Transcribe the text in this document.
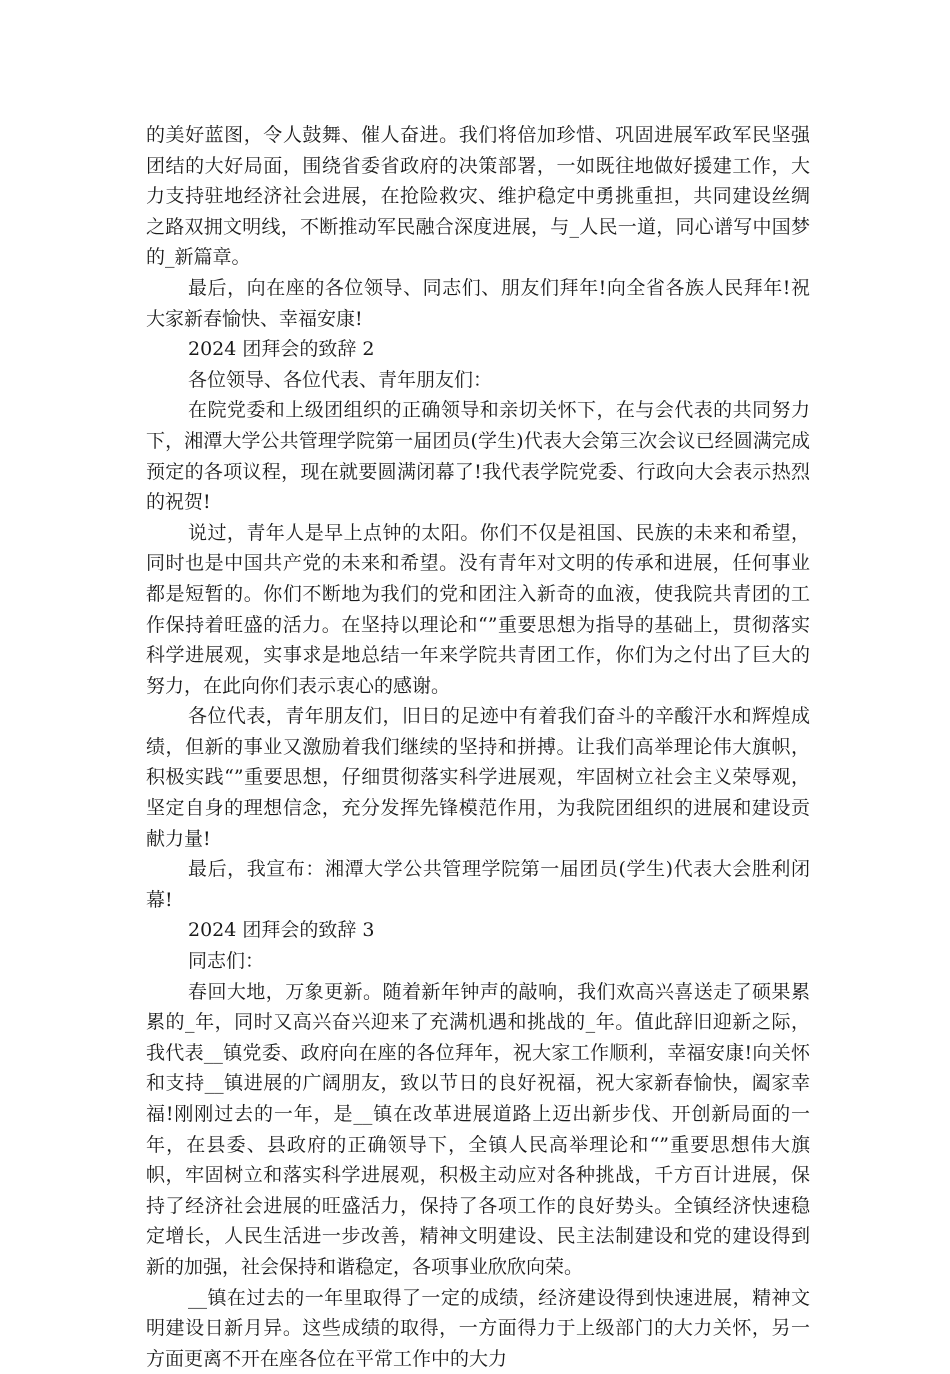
的美好蓝图，令人鼓舞、催人奋进。我们将倍加珍惜、巩固进展军政军民坚强团结的大好局面，围绕省委省政府的决策部署，一如既往地做好援建工作，大力支持驻地经济社会进展，在抢险救灾、维护稳定中勇挑重担，共同建设丝绸之路双拥文明线，不断推动军民融合深度进展，与_人民一道，同心谱写中国梦的_新篇章。

最后，向在座的各位领导、同志们、朋友们拜年!向全省各族人民拜年!祝大家新春愉快、幸福安康!

2024 团拜会的致辞 2

各位领导、各位代表、青年朋友们：

在院党委和上级团组织的正确领导和亲切关怀下，在与会代表的共同努力下，湘潭大学公共管理学院第一届团员(学生)代表大会第三次会议已经圆满完成预定的各项议程，现在就要圆满闭幕了!我代表学院党委、行政向大会表示热烈的祝贺!

说过，青年人是早上点钟的太阳。你们不仅是祖国、民族的未来和希望，同时也是中国共产党的未来和希望。没有青年对文明的传承和进展，任何事业都是短暂的。你们不断地为我们的党和团注入新奇的血液，使我院共青团的工作保持着旺盛的活力。在坚持以理论和“”重要思想为指导的基础上，贯彻落实科学进展观，实事求是地总结一年来学院共青团工作，你们为之付出了巨大的努力，在此向你们表示衷心的感谢。

各位代表，青年朋友们，旧日的足迹中有着我们奋斗的辛酸汗水和辉煌成绩，但新的事业又激励着我们继续的坚持和拼搏。让我们高举理论伟大旗帜，积极实践“”重要思想，仔细贯彻落实科学进展观，牢固树立社会主义荣辱观，坚定自身的理想信念，充分发挥先锋模范作用，为我院团组织的进展和建设贡献力量!

最后，我宣布：湘潭大学公共管理学院第一届团员(学生)代表大会胜利闭幕!

2024 团拜会的致辞 3

同志们：

春回大地，万象更新。随着新年钟声的敲响，我们欢高兴喜送走了硕果累累的_年，同时又高兴奋兴迎来了充满机遇和挑战的_年。值此辞旧迎新之际，我代表__镇党委、政府向在座的各位拜年，祝大家工作顺利，幸福安康!向关怀和支持__镇进展的广阔朋友，致以节日的良好祝福，祝大家新春愉快，阖家幸福!刚刚过去的一年，是__镇在改革进展道路上迈出新步伐、开创新局面的一年，在县委、县政府的正确领导下，全镇人民高举理论和“”重要思想伟大旗帜，牢固树立和落实科学进展观，积极主动应对各种挑战，千方百计进展，保持了经济社会进展的旺盛活力，保持了各项工作的良好势头。全镇经济快速稳定增长，人民生活进一步改善，精神文明建设、民主法制建设和党的建设得到新的加强，社会保持和谐稳定，各项事业欣欣向荣。

__镇在过去的一年里取得了一定的成绩，经济建设得到快速进展，精神文明建设日新月异。这些成绩的取得，一方面得力于上级部门的大力关怀，另一方面更离不开在座各位在平常工作中的大力
